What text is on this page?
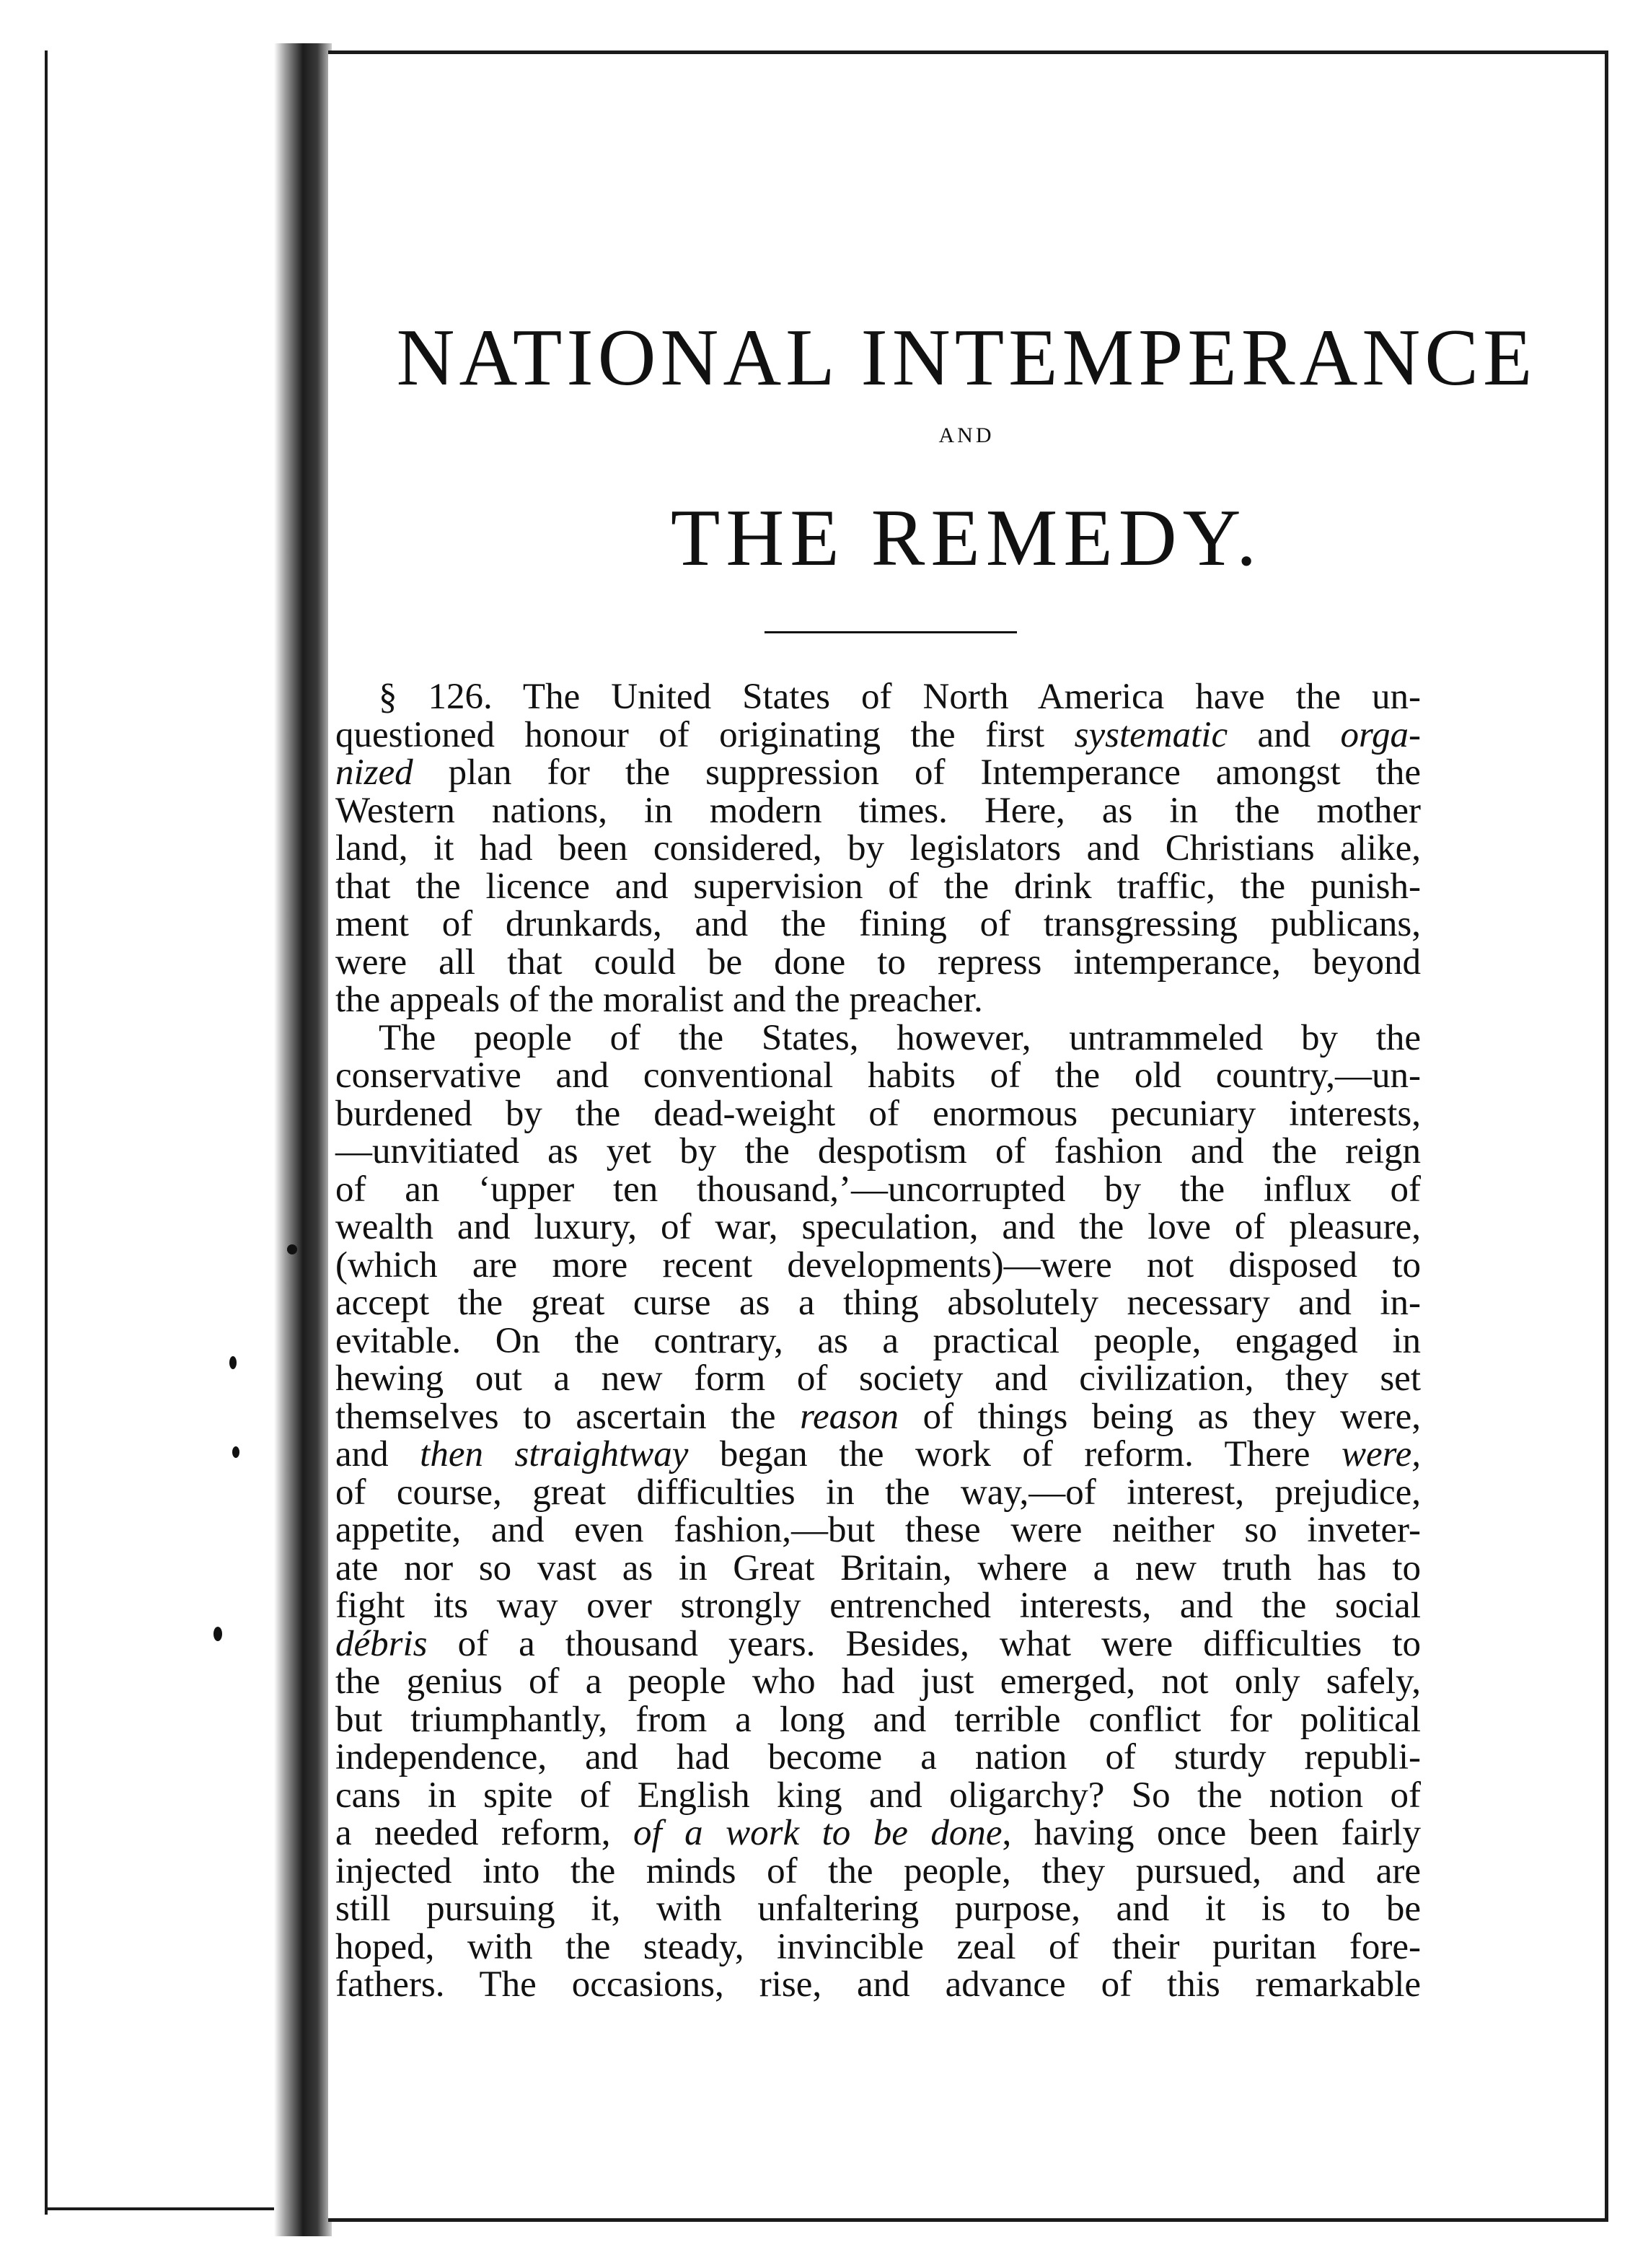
NATIONAL INTEMPERANCE
AND
THE REMEDY.
§ 126. The United States of North America have the un-
questioned honour of originating the first systematic and orga-
nized plan for the suppression of Intemperance amongst the
Western nations, in modern times. Here, as in the mother
land, it had been considered, by legislators and Christians alike,
that the licence and supervision of the drink traffic, the punish-
ment of drunkards, and the fining of transgressing publicans,
were all that could be done to repress intemperance, beyond
the appeals of the moralist and the preacher.
The people of the States, however, untrammeled by the
conservative and conventional habits of the old country,—un-
burdened by the dead-weight of enormous pecuniary interests,
—unvitiated as yet by the despotism of fashion and the reign
of an ‘upper ten thousand,’—uncorrupted by the influx of
wealth and luxury, of war, speculation, and the love of pleasure,
(which are more recent developments)—were not disposed to
accept the great curse as a thing absolutely necessary and in-
evitable. On the contrary, as a practical people, engaged in
hewing out a new form of society and civilization, they set
themselves to ascertain the reason of things being as they were,
and then straightway began the work of reform. There were,
of course, great difficulties in the way,—of interest, prejudice,
appetite, and even fashion,—but these were neither so inveter-
ate nor so vast as in Great Britain, where a new truth has to
fight its way over strongly entrenched interests, and the social
débris of a thousand years. Besides, what were difficulties to
the genius of a people who had just emerged, not only safely,
but triumphantly, from a long and terrible conflict for political
independence, and had become a nation of sturdy republi-
cans in spite of English king and oligarchy? So the notion of
a needed reform, of a work to be done, having once been fairly
injected into the minds of the people, they pursued, and are
still pursuing it, with unfaltering purpose, and it is to be
hoped, with the steady, invincible zeal of their puritan fore-
fathers. The occasions, rise, and advance of this remarkable
